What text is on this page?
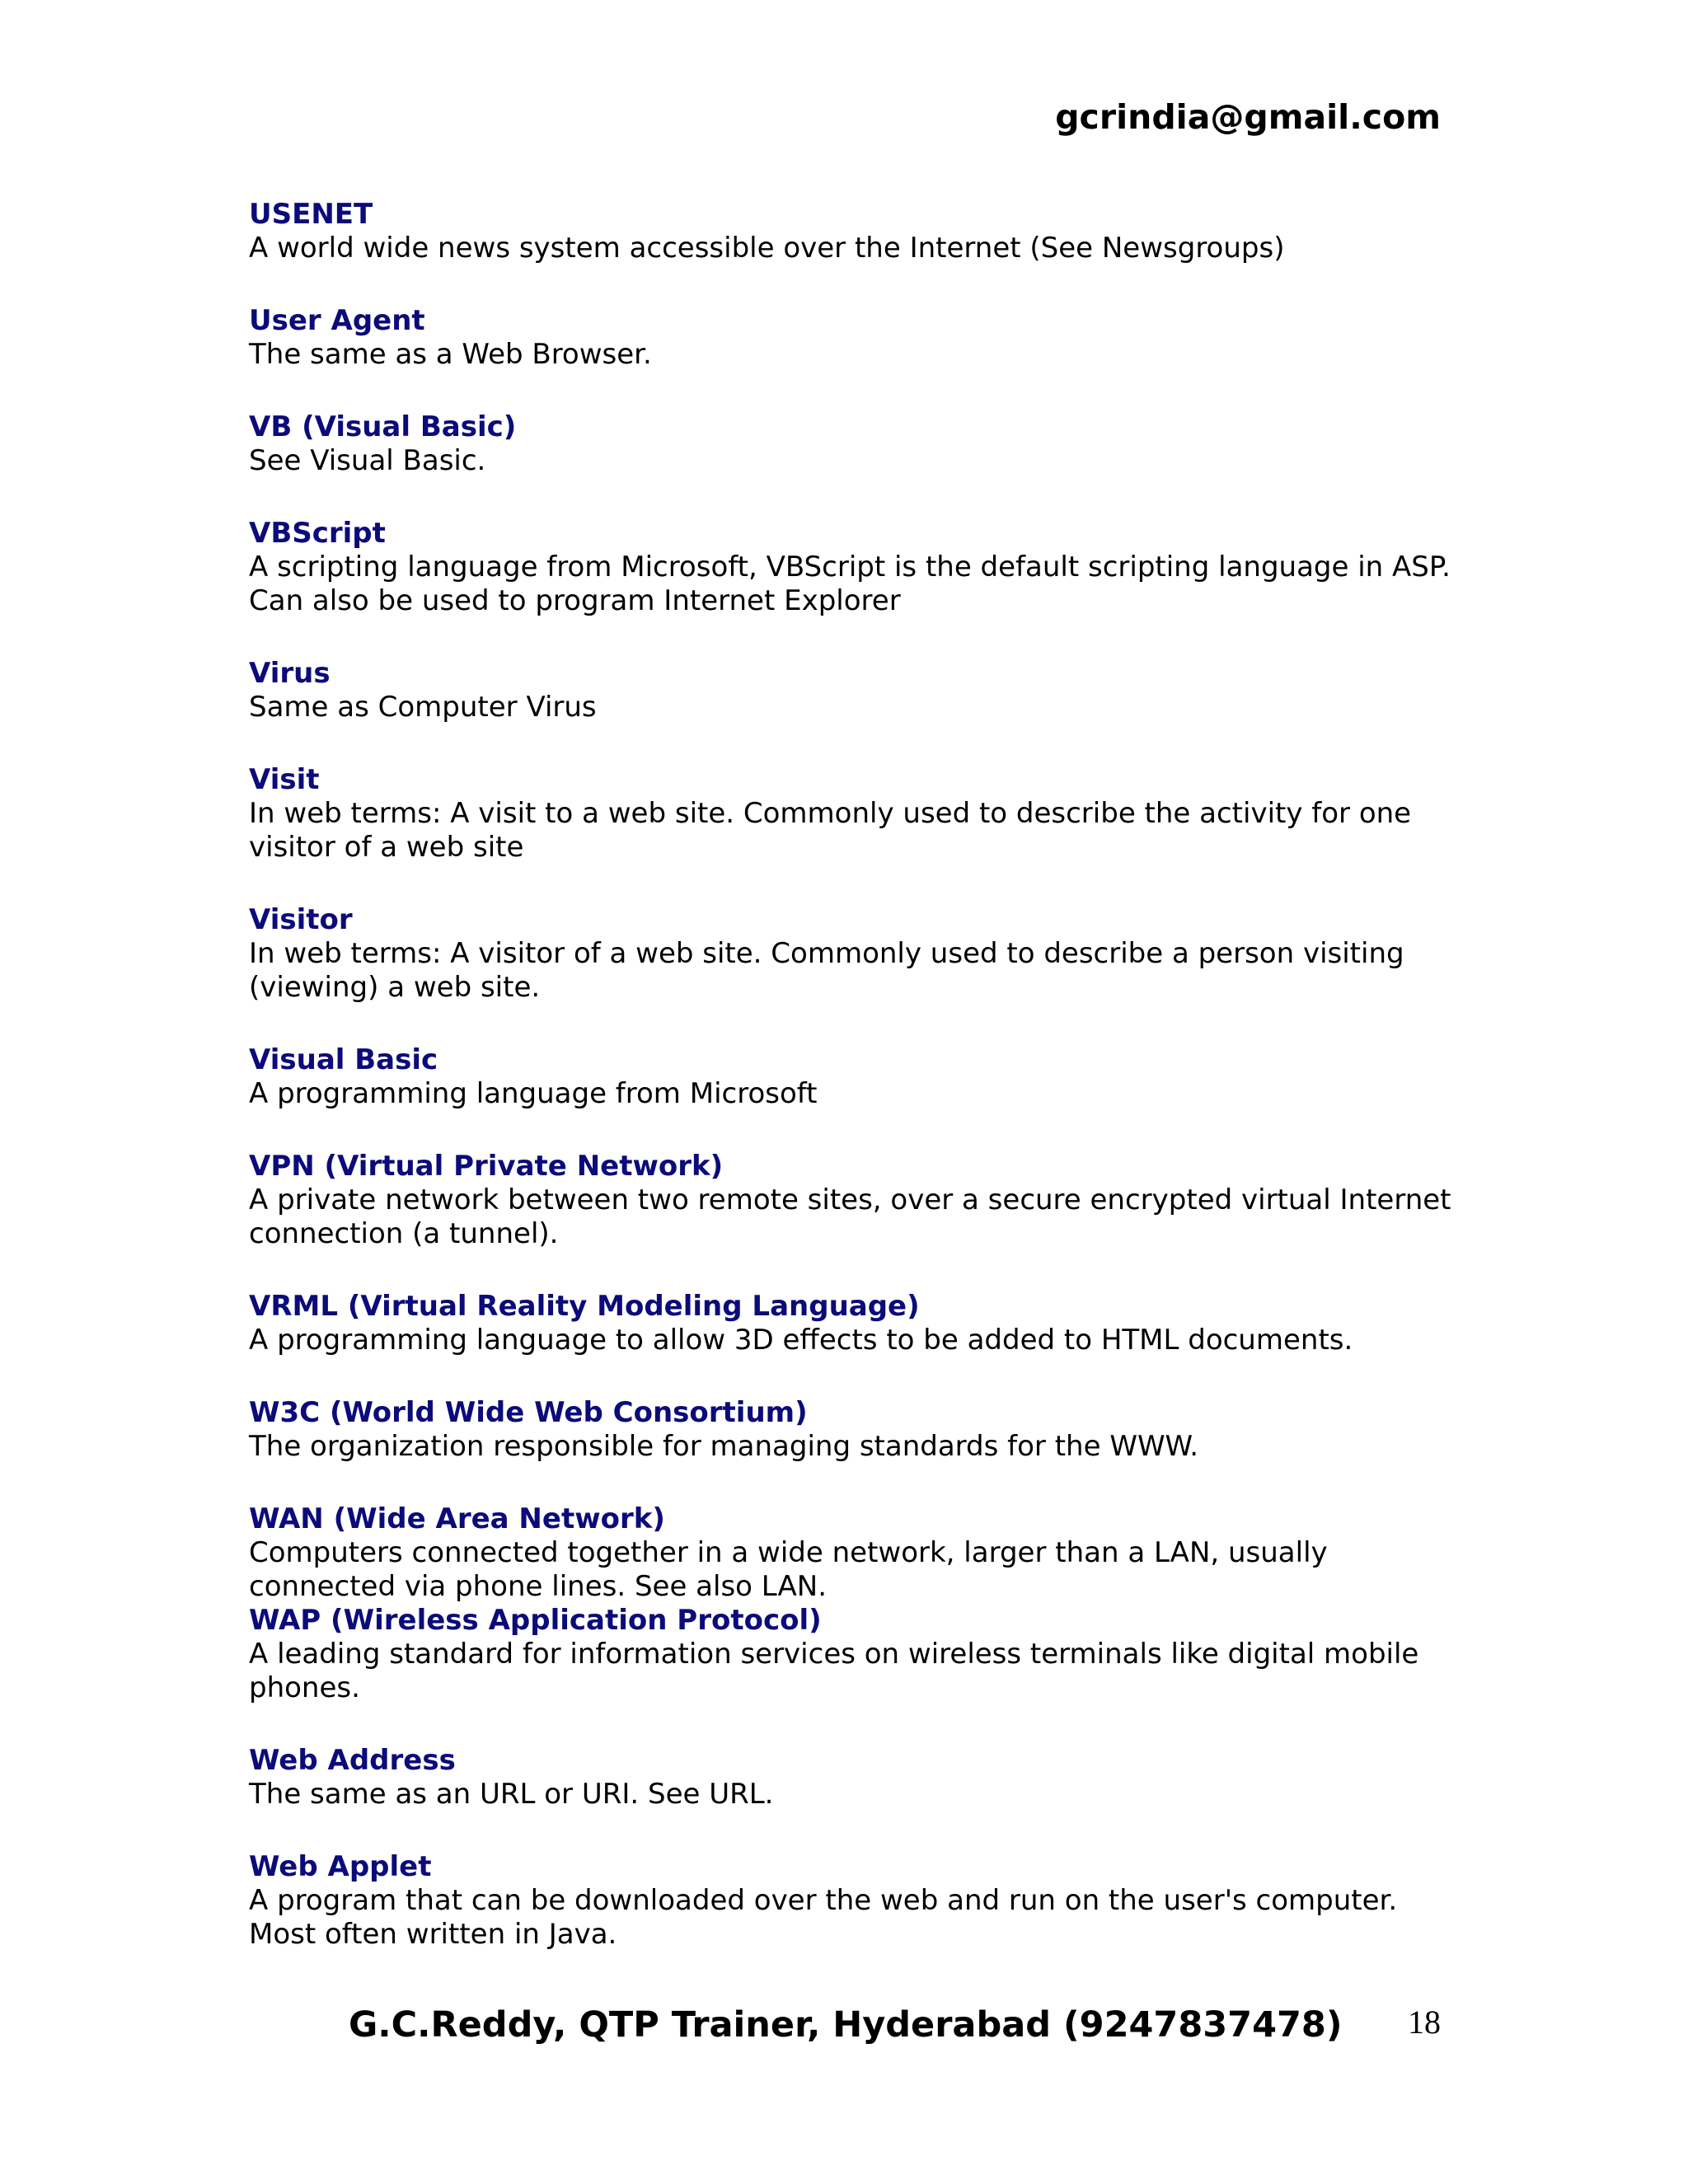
gcrindia@gmail.com
USENET
A world wide news system accessible over the Internet (See Newsgroups)
User Agent
The same as a Web Browser.
VB (Visual Basic)
See Visual Basic.
VBScript
A scripting language from Microsoft, VBScript is the default scripting language in ASP. Can also be used to program Internet Explorer
Virus
Same as Computer Virus
Visit
In web terms: A visit to a web site. Commonly used to describe the activity for one visitor of a web site
Visitor
In web terms: A visitor of a web site. Commonly used to describe a person visiting (viewing) a web site.
Visual Basic
A programming language from Microsoft
VPN (Virtual Private Network)
A private network between two remote sites, over a secure encrypted virtual Internet connection (a tunnel).
VRML (Virtual Reality Modeling Language)
A programming language to allow 3D effects to be added to HTML documents.
W3C (World Wide Web Consortium)
The organization responsible for managing standards for the WWW.
WAN (Wide Area Network)
Computers connected together in a wide network, larger than a LAN, usually connected via phone lines. See also LAN.
WAP (Wireless Application Protocol)
A leading standard for information services on wireless terminals like digital mobile phones.
Web Address
The same as an URL or URI. See URL.
Web Applet
A program that can be downloaded over the web and run on the user's computer. Most often written in Java.
G.C.Reddy, QTP Trainer, Hyderabad (9247837478) 18
